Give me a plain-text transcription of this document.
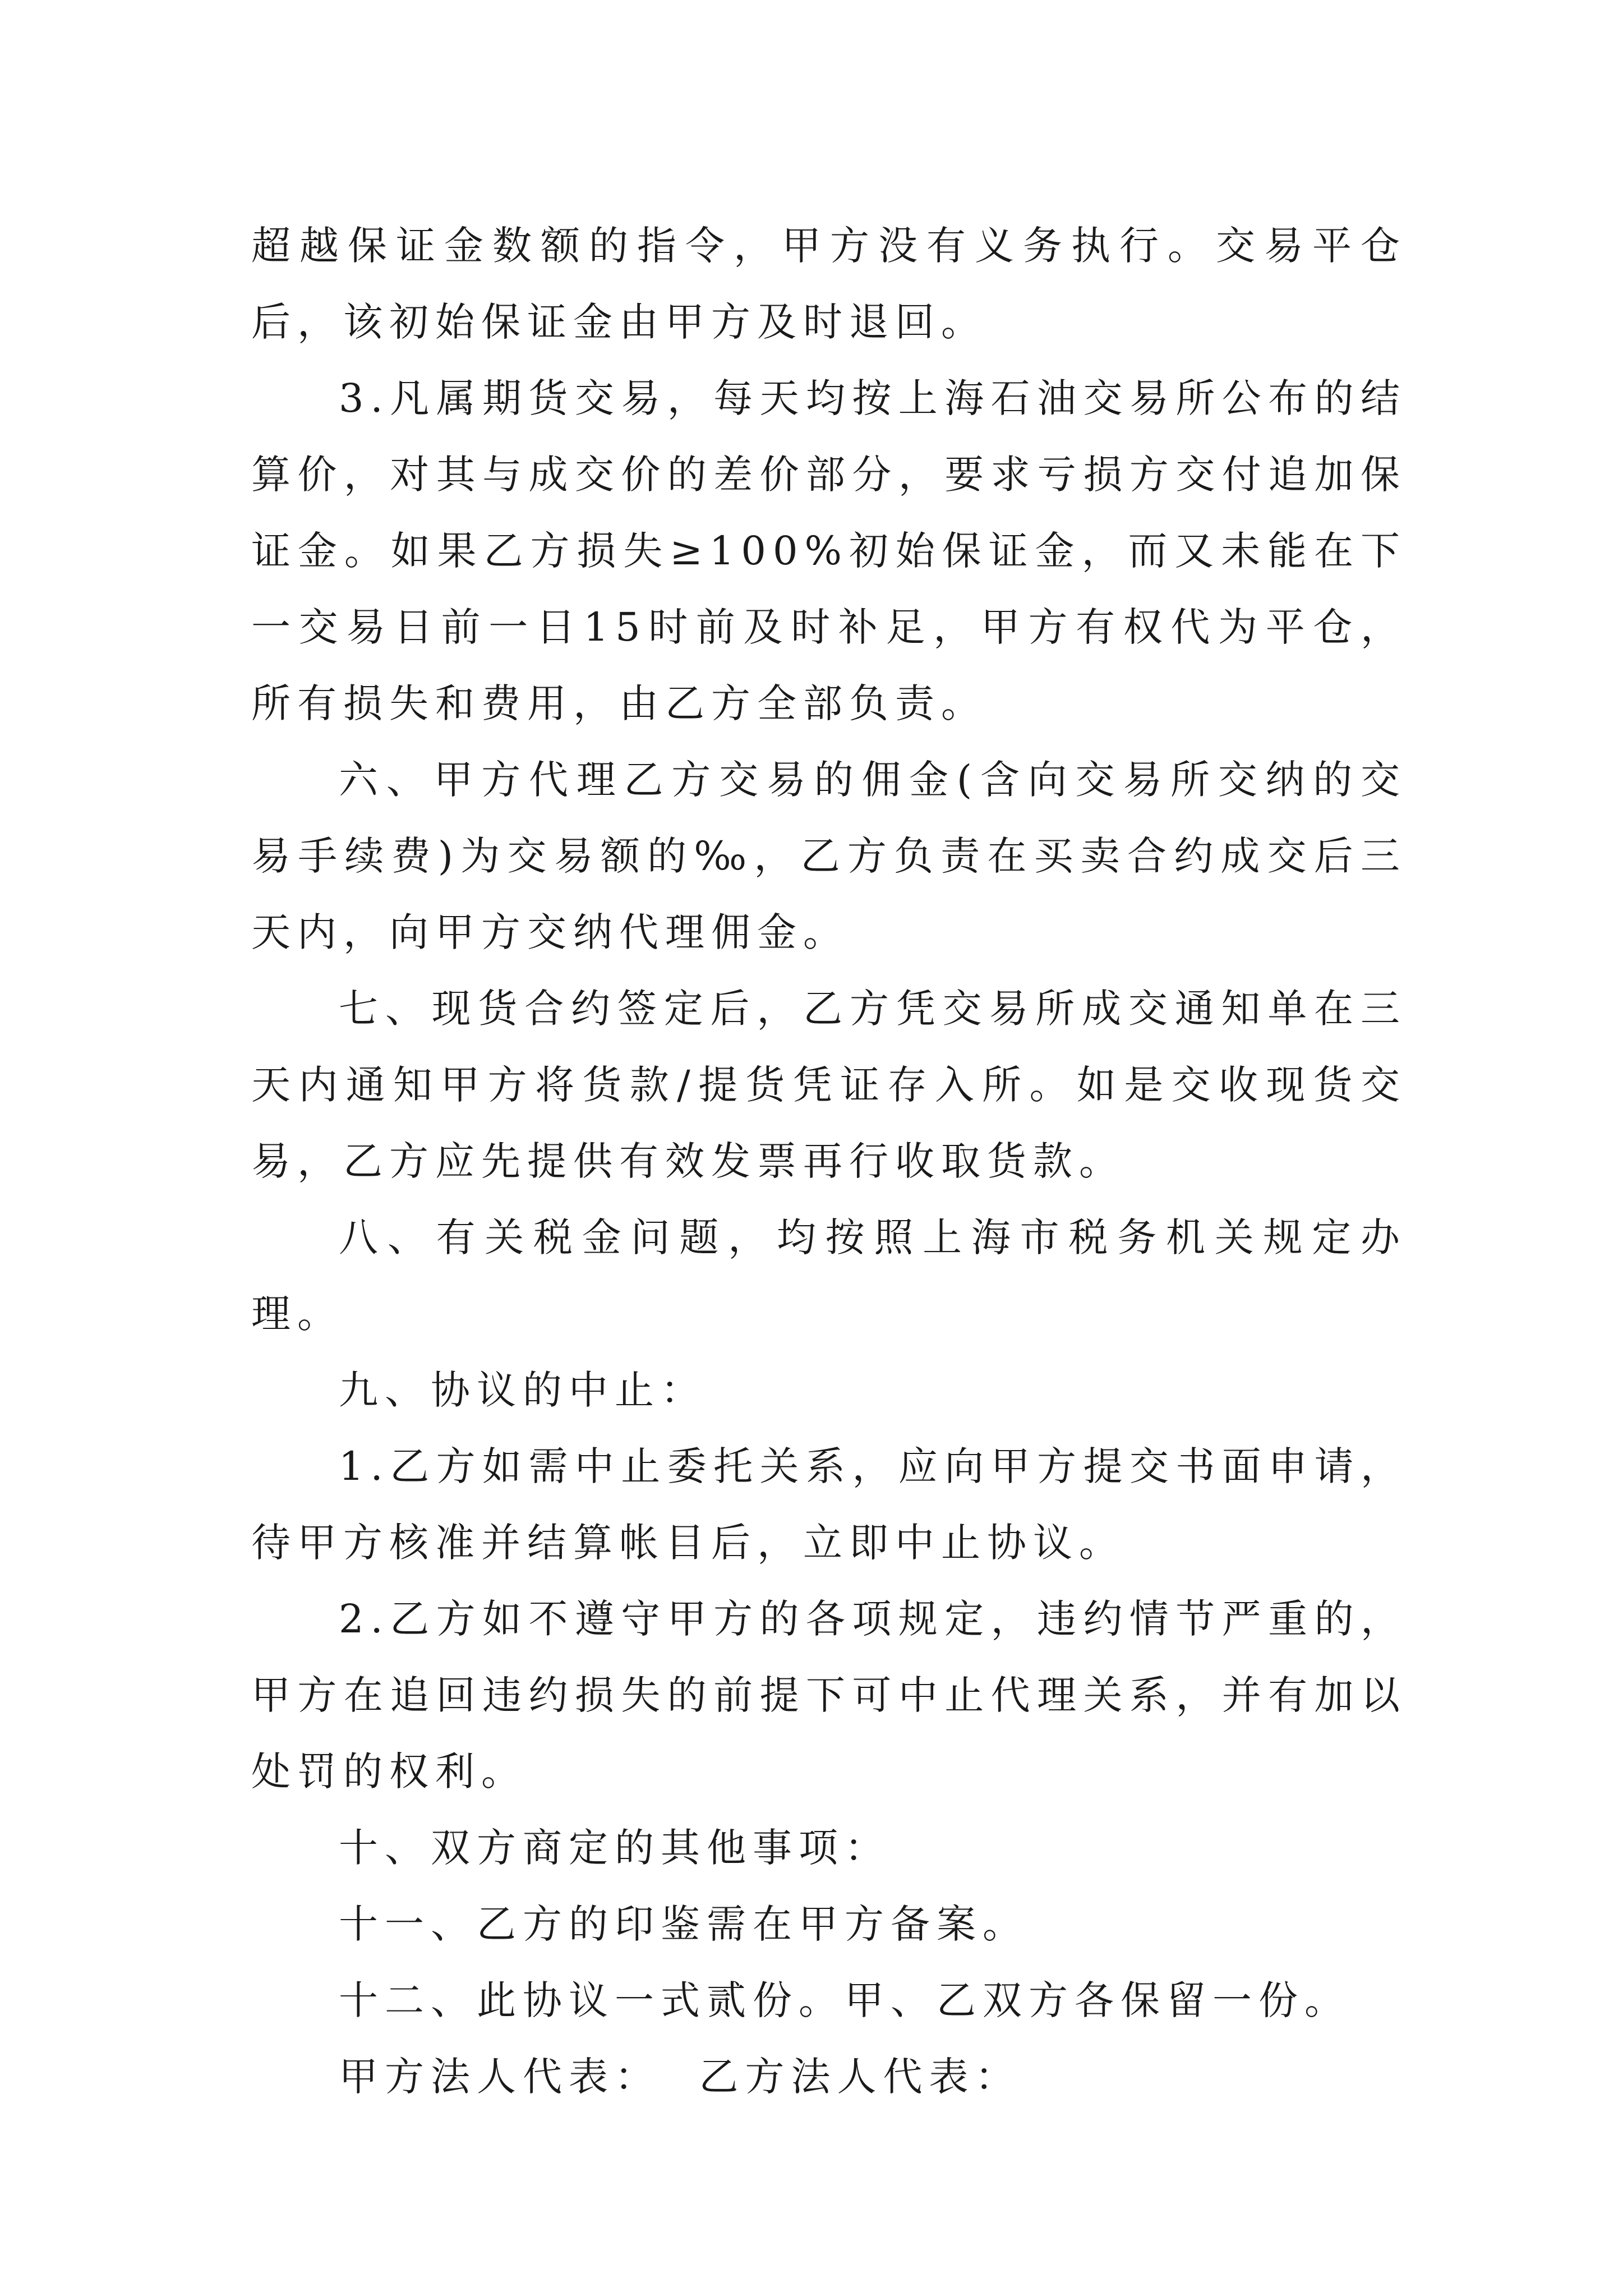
超越保证金数额的指令，甲方没有义务执行。交易平仓后，该初始保证金由甲方及时退回。

3.凡属期货交易，每天均按上海石油交易所公布的结算价，对其与成交价的差价部分，要求亏损方交付追加保证金。如果乙方损失≥100%初始保证金，而又未能在下一交易日前一日15时前及时补足，甲方有权代为平仓，所有损失和费用，由乙方全部负责。

六、甲方代理乙方交易的佣金(含向交易所交纳的交易手续费)为交易额的‰，乙方负责在买卖合约成交后三天内，向甲方交纳代理佣金。

七、现货合约签定后，乙方凭交易所成交通知单在三天内通知甲方将货款/提货凭证存入所。如是交收现货交易，乙方应先提供有效发票再行收取货款。

八、有关税金问题，均按照上海市税务机关规定办理。

九、协议的中止：

1.乙方如需中止委托关系，应向甲方提交书面申请，待甲方核准并结算帐目后，立即中止协议。

2.乙方如不遵守甲方的各项规定，违约情节严重的，甲方在追回违约损失的前提下可中止代理关系，并有加以处罚的权利。

十、双方商定的其他事项：

十一、乙方的印鉴需在甲方备案。

十二、此协议一式贰份。甲、乙双方各保留一份。

甲方法人代表： 乙方法人代表：
